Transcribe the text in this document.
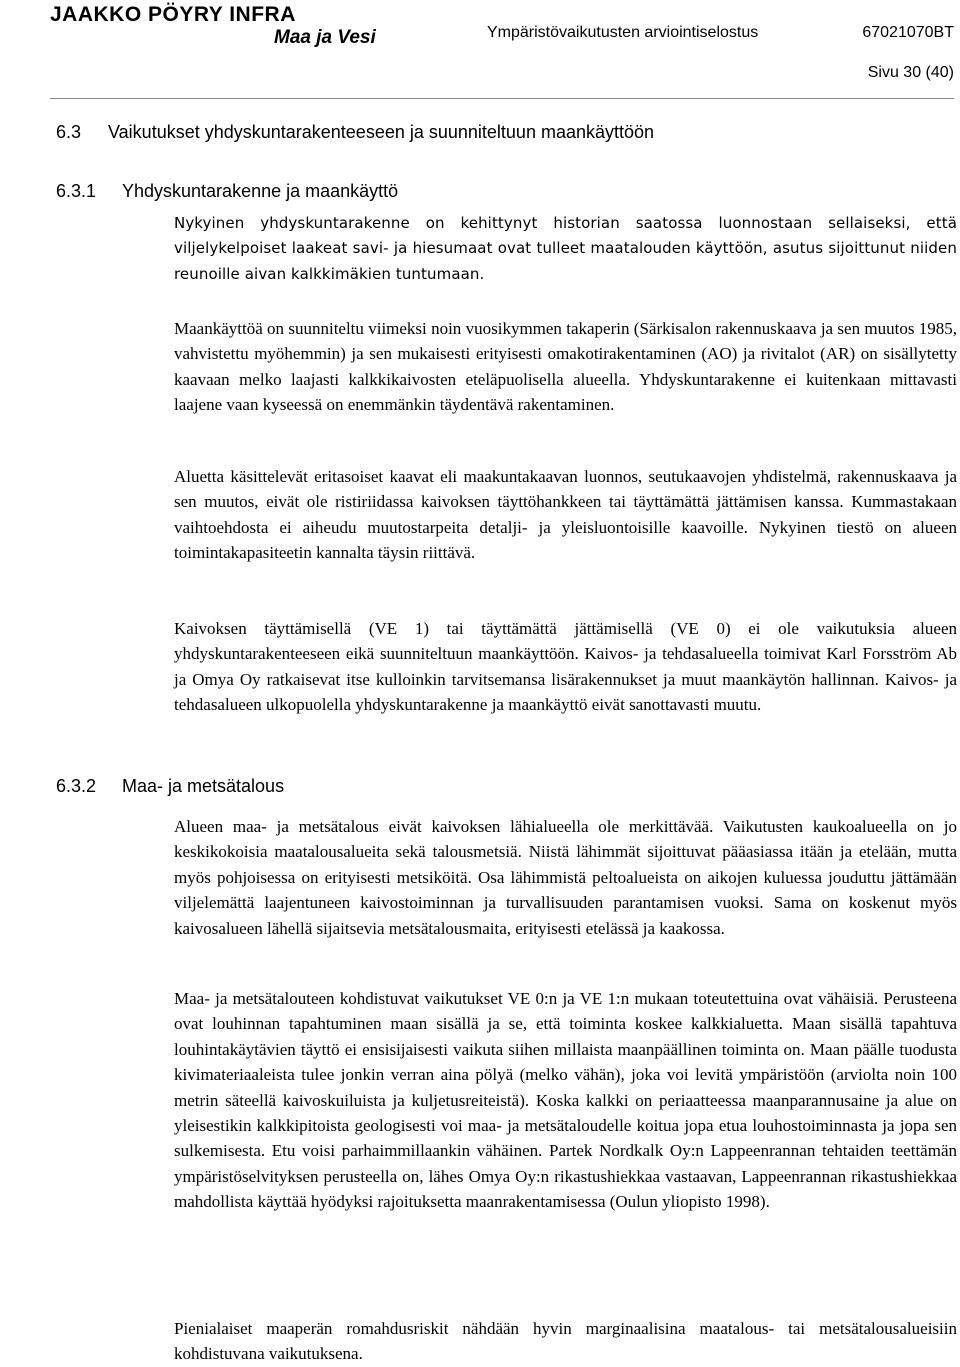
JAAKKO PÖYRY INFRA
Maa ja Vesi	Ympäristövaikutusten arviointiselostus	67021070BT
Sivu 30 (40)
6.3 Vaikutukset yhdyskuntarakenteeseen ja suunniteltuun maankäyttöön
6.3.1 Yhdyskuntarakenne ja maankäyttö

Nykyinen yhdyskuntarakenne on kehittynyt historian saatossa luonnostaan sellaiseksi, että viljelykelpoiset laakeat savi- ja hiesumaat ovat tulleet maatalouden käyttöön, asutus sijoittunut niiden reunoille aivan kalkkimäkien tuntumaan.

Maankäyttöä on suunniteltu viimeksi noin vuosikymmen takaperin (Särkisalon rakennuskaava ja sen muutos 1985, vahvistettu myöhemmin) ja sen mukaisesti erityisesti omakotirakentaminen (AO) ja rivitalot (AR) on sisällytetty kaavaan melko laajasti kalkkikaivosten eteläpuolisella alueella. Yhdyskuntarakenne ei kuitenkaan mittavasti laajene vaan kyseessä on enemmänkin täydentävä rakentaminen.

Aluetta käsittelevät eritasoiset kaavat eli maakuntakaavan luonnos, seutukaavojen yhdistelmä, rakennuskaava ja sen muutos, eivät ole ristiriidassa kaivoksen täyttöhankkeen tai täyttämättä jättämisen kanssa. Kummastakaan vaihtoehdosta ei aiheudu muutostarpeita detalji- ja yleisluontoisille kaavoille. Nykyinen tiestö on alueen toimintakapasiteetin kannalta täysin riittävä.

Kaivoksen täyttämisellä (VE 1) tai täyttämättä jättämisellä (VE 0) ei ole vaikutuksia alueen yhdyskuntarakenteeseen eikä suunniteltuun maankäyttöön. Kaivos- ja tehdasalueella toimivat Karl Forsström Ab ja Omya Oy ratkaisevat itse kulloinkin tarvitsemansa lisärakennukset ja muut maankäytön hallinnan. Kaivos- ja tehdasalueen ulkopuolella yhdyskuntarakenne ja maankäyttö eivät sanottavasti muutu.

6.3.2 Maa- ja metsätalous

Alueen maa- ja metsätalous eivät kaivoksen lähialueella ole merkittävää. Vaikutusten kaukoalueella on jo keskikokoisia maatalousalueita sekä talousmetsiä. Niistä lähimmät sijoittuvat pääasiassa itään ja etelään, mutta myös pohjoisessa on erityisesti metsiköitä. Osa lähimmistä peltoalueista on aikojen kuluessa jouduttu jättämään viljelemättä laajentuneen kaivostoiminnan ja turvallisuuden parantamisen vuoksi. Sama on koskenut myös kaivosalueen lähellä sijaitsevia metsätalousmaita, erityisesti etelässä ja kaakossa.

Maa- ja metsätalouteen kohdistuvat vaikutukset VE 0:n ja VE 1:n mukaan toteutettuina ovat vähäisiä. Perusteena ovat louhinnan tapahtuminen maan sisällä ja se, että toiminta koskee kalkkialuetta. Maan sisällä tapahtuva louhintakäytävien täyttö ei ensisijaisesti vaikuta siihen millaista maanpäällinen toiminta on. Maan päälle tuodusta kivimateriaaleista tulee jonkin verran aina pölyä (melko vähän), joka voi levitä ympäristöön (arviolta noin 100 metrin säteellä kaivoskuiluista ja kuljetusreiteistä). Koska kalkki on periaatteessa maanparannusaine ja alue on yleisestikin kalkkipitoista geologisesti voi maa- ja metsätaloudelle koitua jopa etua louhostoiminnasta ja jopa sen sulkemisesta. Etu voisi parhaimmillaankin vähäinen. Partek Nordkalk Oy:n Lappeenrannan tehtaiden teettämän ympäristöselvityksen perusteella on, lähes Omya Oy:n rikastushiekkaa vastaavan, Lappeenrannan rikastushiekkaa mahdollista käyttää hyödyksi rajoituksetta maanrakentamisessa (Oulun yliopisto 1998).

Pienialaiset maaperän romahdusriskit nähdään hyvin marginaalisina maatalous- tai metsätalousalueisiin kohdistuvana vaikutuksena.
